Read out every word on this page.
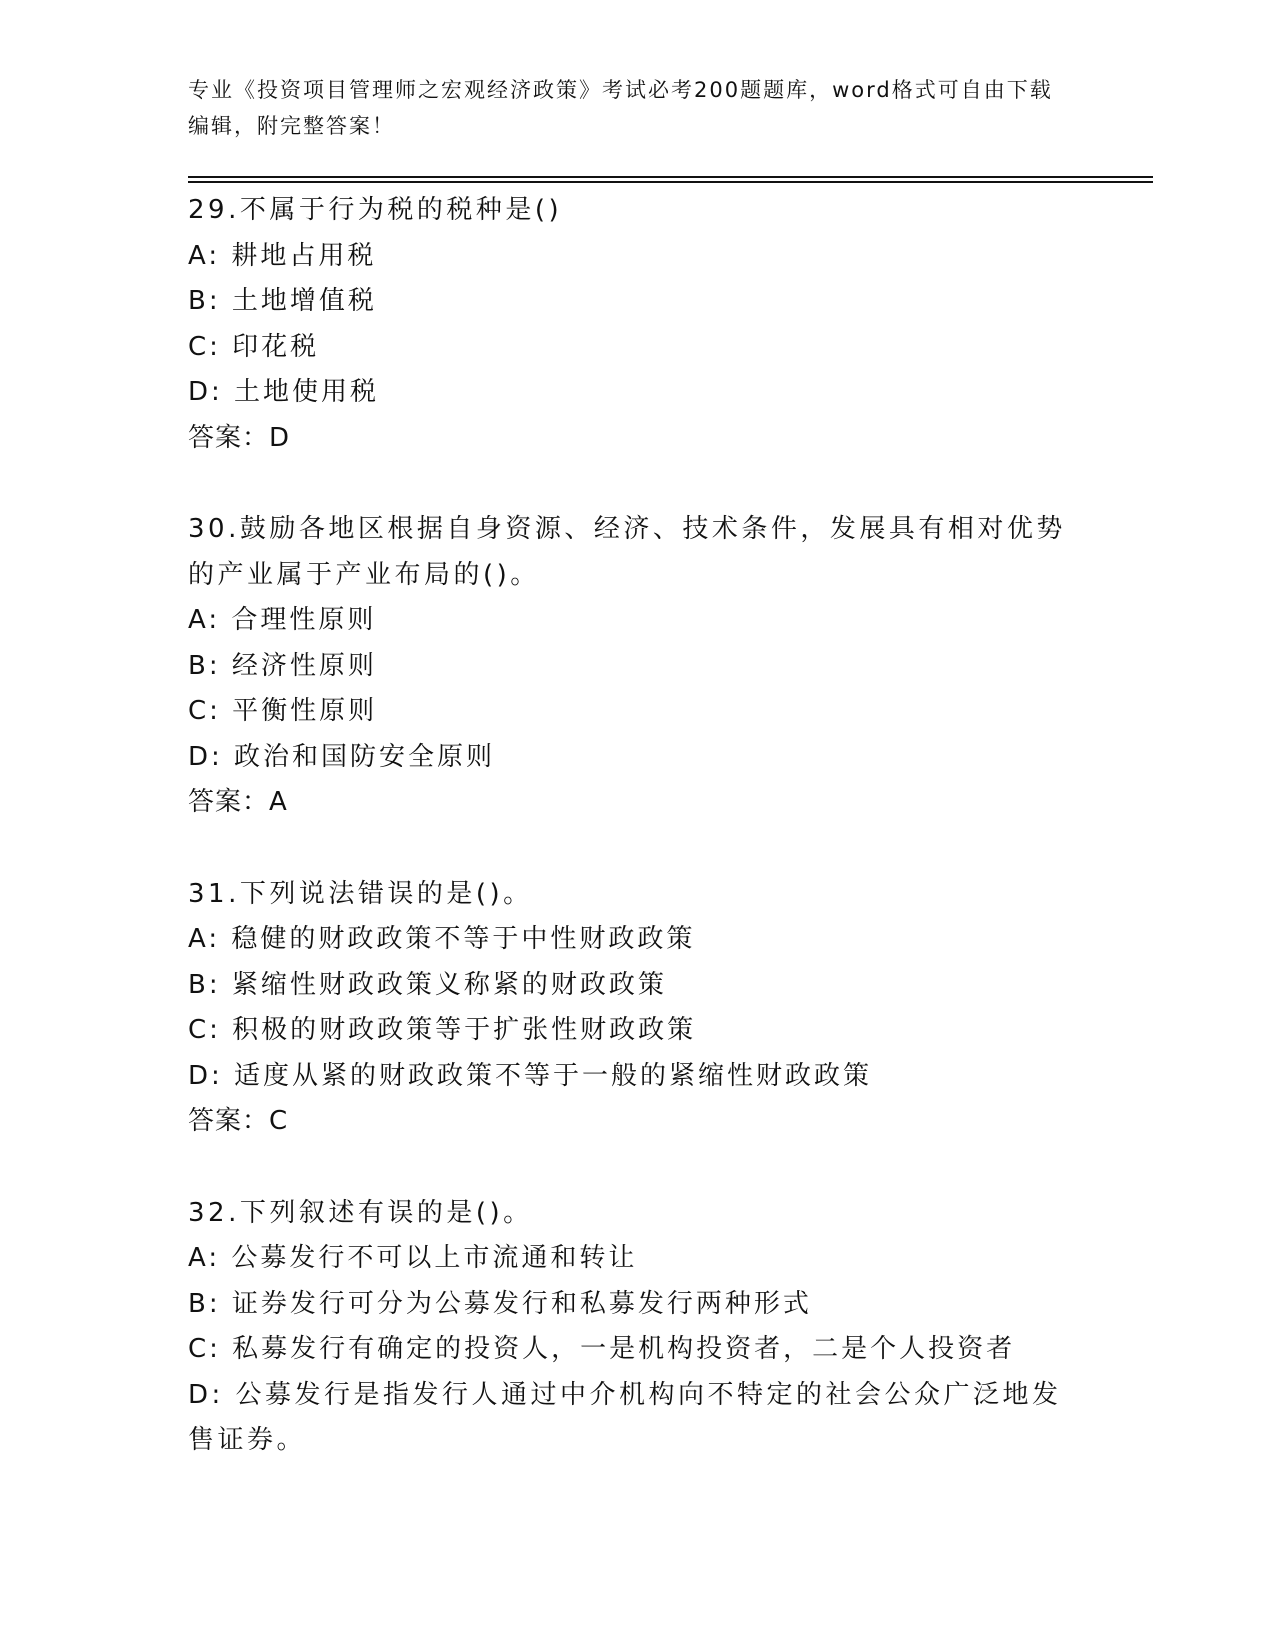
专业《投资项目管理师之宏观经济政策》考试必考200题题库，word格式可自由下载编辑，附完整答案！
29.不属于行为税的税种是()
A: 耕地占用税
B: 土地增值税
C: 印花税
D: 土地使用税
答案：D
30.鼓励各地区根据自身资源、经济、技术条件，发展具有相对优势的产业属于产业布局的()。
A: 合理性原则
B: 经济性原则
C: 平衡性原则
D: 政治和国防安全原则
答案：A
31.下列说法错误的是()。
A: 稳健的财政政策不等于中性财政政策
B: 紧缩性财政政策义称紧的财政政策
C: 积极的财政政策等于扩张性财政政策
D: 适度从紧的财政政策不等于一般的紧缩性财政政策
答案：C
32.下列叙述有误的是()。
A: 公募发行不可以上市流通和转让
B: 证券发行可分为公募发行和私募发行两种形式
C: 私募发行有确定的投资人，一是机构投资者，二是个人投资者
D: 公募发行是指发行人通过中介机构向不特定的社会公众广泛地发售证券。
